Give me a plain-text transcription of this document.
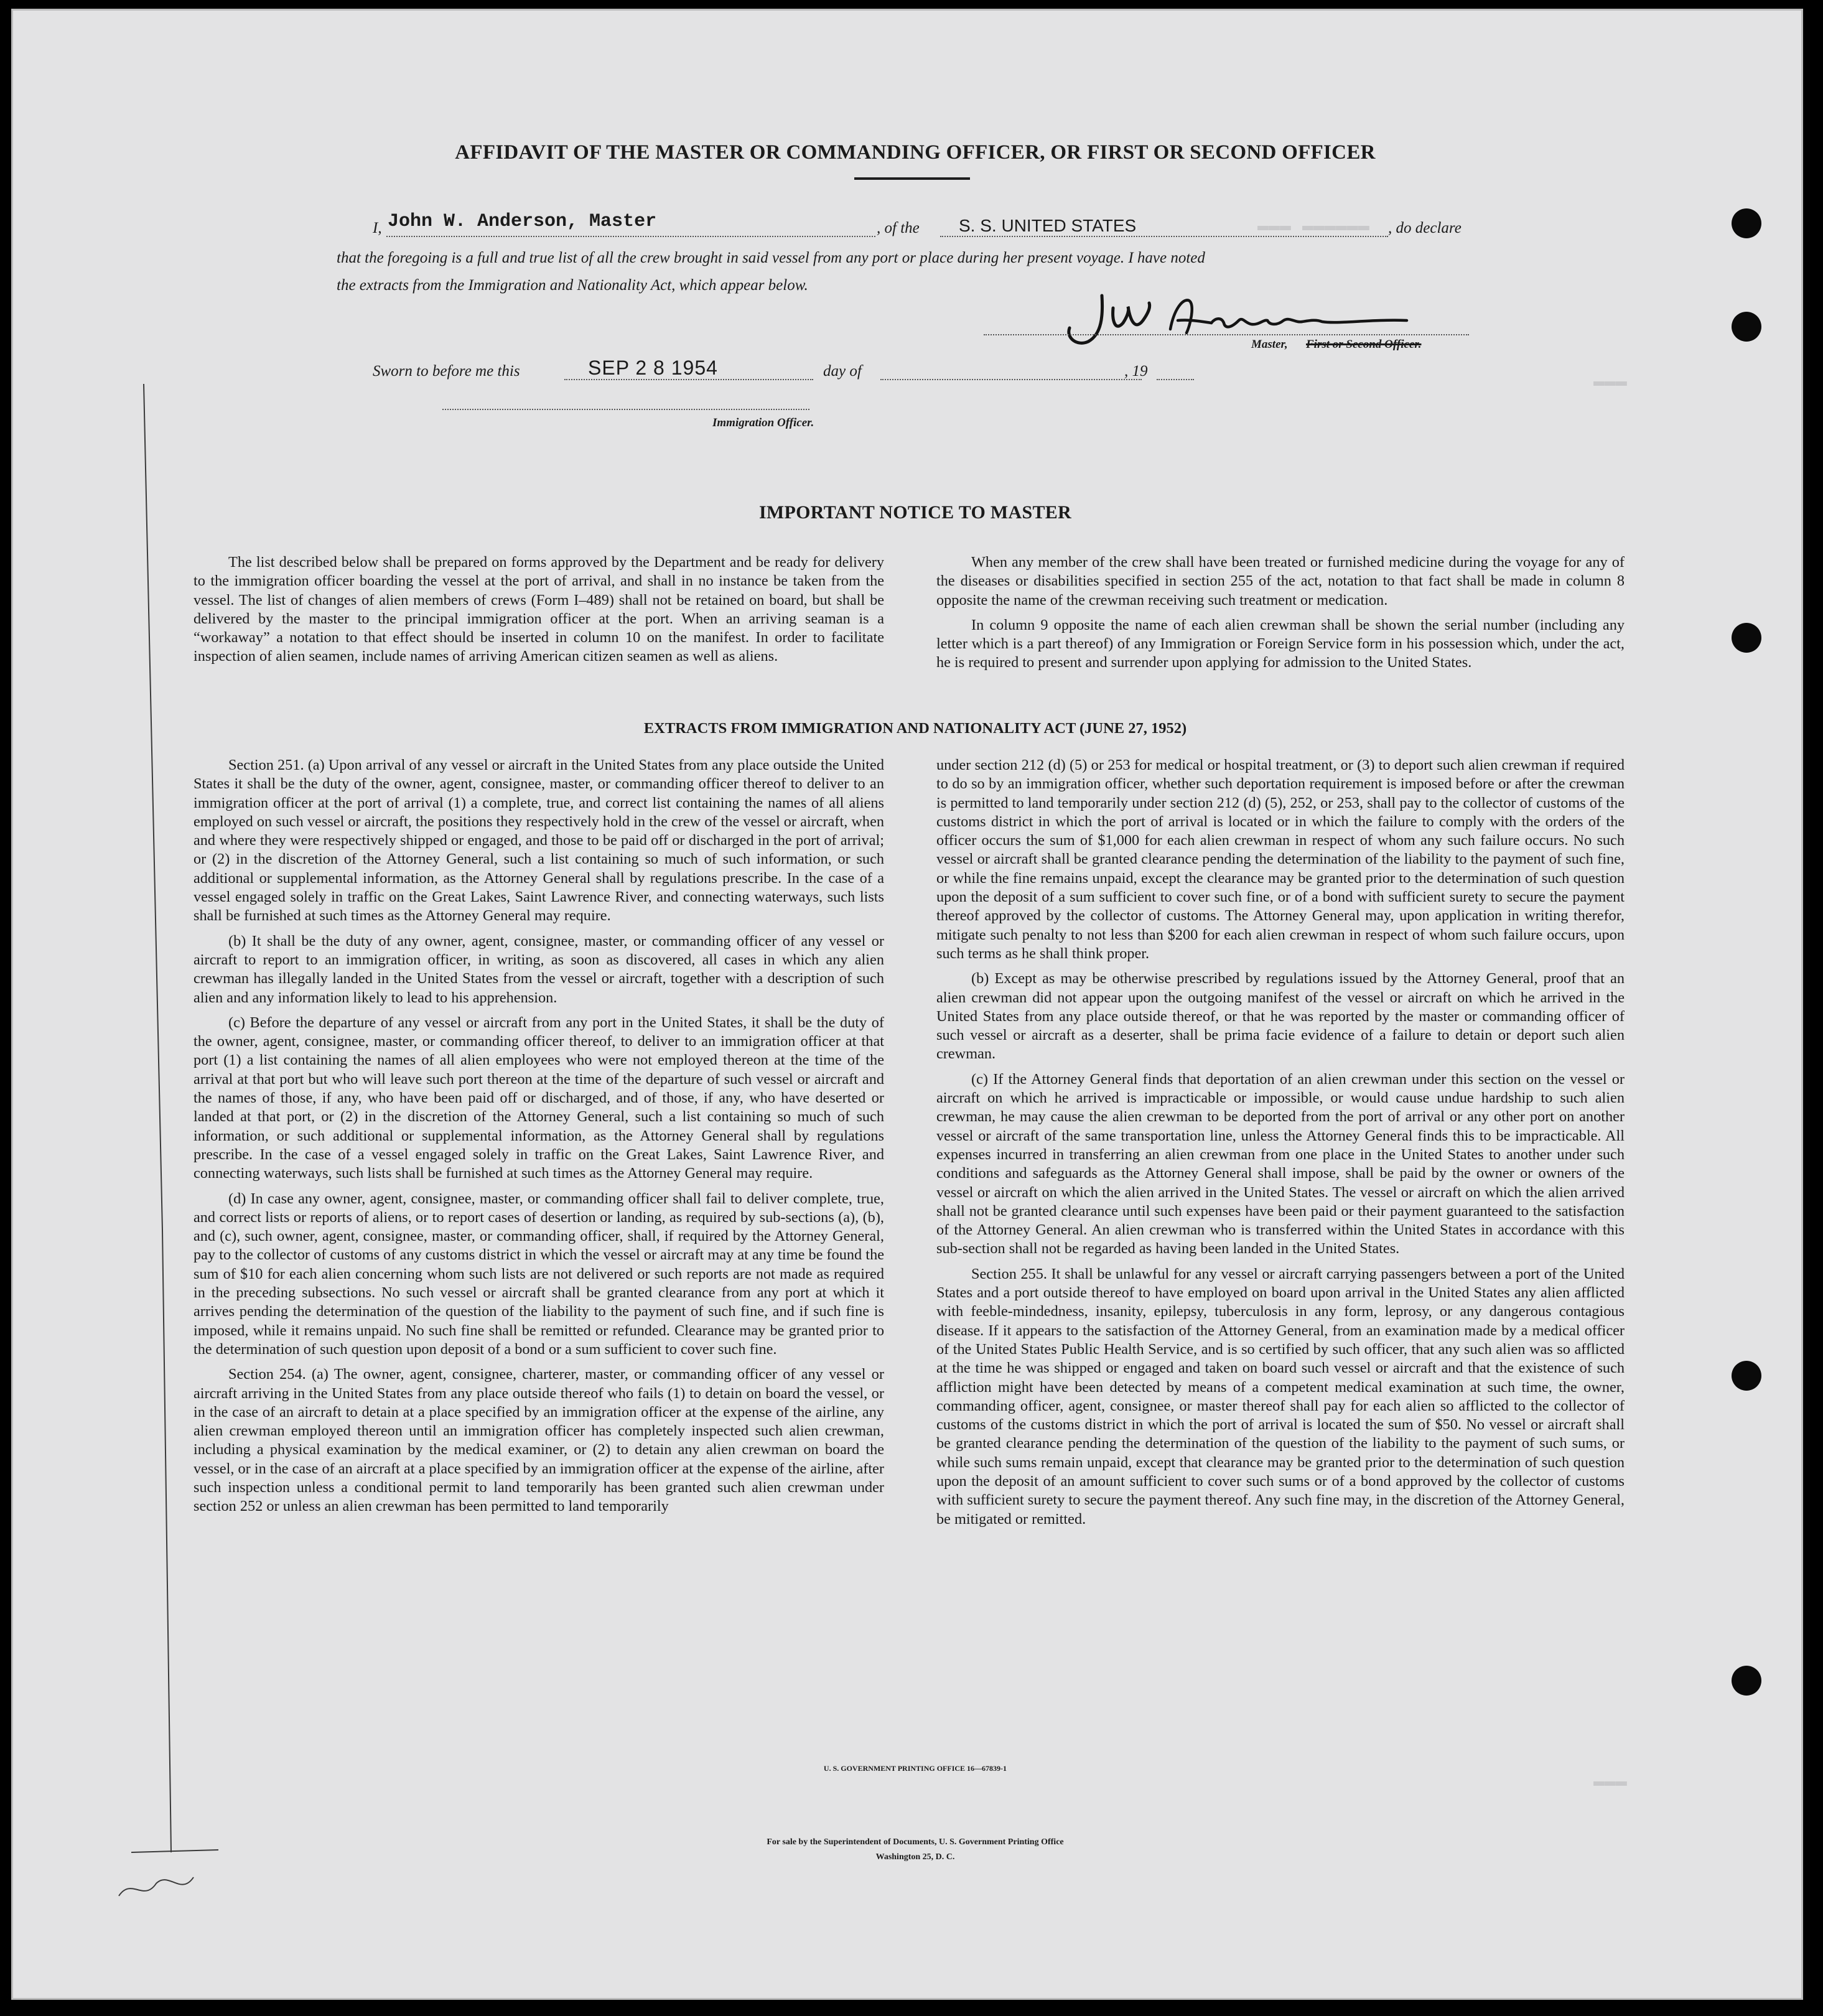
▬▬▬ ▬▬▬▬▬▬
▬▬▬
▬▬▬
AFFIDAVIT OF THE MASTER OR COMMANDING OFFICER, OR FIRST OR SECOND OFFICER
I, John W. Anderson, Master	, of the S. S. UNITED STATES	, do declare
that the foregoing is a full and true list of all the crew brought in said vessel from any port or place during her present voyage. I have noted
the extracts from the Immigration and Nationality Act, which appear below.
Master, First or Second Officer.
Sworn to before me this	SEP 2 8 1954	day of	, 19
Immigration Officer.
IMPORTANT NOTICE TO MASTER

The list described below shall be prepared on forms approved by the Department and be ready for delivery to the immigration officer boarding the vessel at the port of arrival, and shall in no instance be taken from the vessel. The list of changes of alien members of crews (Form I–489) shall not be retained on board, but shall be delivered by the master to the principal immigration officer at the port. When an arriving seaman is a “workaway” a notation to that effect should be inserted in column 10 on the manifest. In order to facilitate inspection of alien seamen, include names of arriving American citizen seamen as well as aliens.

When any member of the crew shall have been treated or furnished medicine during the voyage for any of the diseases or disabilities specified in section 255 of the act, notation to that fact shall be made in column 8 opposite the name of the crewman receiving such treatment or medication.

In column 9 opposite the name of each alien crewman shall be shown the serial number (including any letter which is a part thereof) of any Immigration or Foreign Service form in his possession which, under the act, he is required to present and surrender upon applying for admission to the United States.

EXTRACTS FROM IMMIGRATION AND NATIONALITY ACT (JUNE 27, 1952)

Section 251. (a) Upon arrival of any vessel or aircraft in the United States from any place outside the United States it shall be the duty of the owner, agent, consignee, master, or commanding officer thereof to deliver to an immigration officer at the port of arrival (1) a complete, true, and correct list containing the names of all aliens employed on such vessel or aircraft, the positions they respectively hold in the crew of the vessel or aircraft, when and where they were respectively shipped or engaged, and those to be paid off or discharged in the port of arrival; or (2) in the discretion of the Attorney General, such a list containing so much of such information, or such additional or supplemental information, as the Attorney General shall by regulations prescribe. In the case of a vessel engaged solely in traffic on the Great Lakes, Saint Lawrence River, and connecting waterways, such lists shall be furnished at such times as the Attorney General may require.

(b) It shall be the duty of any owner, agent, consignee, master, or commanding officer of any vessel or aircraft to report to an immigration officer, in writing, as soon as discovered, all cases in which any alien crewman has illegally landed in the United States from the vessel or aircraft, together with a description of such alien and any information likely to lead to his apprehension.

(c) Before the departure of any vessel or aircraft from any port in the United States, it shall be the duty of the owner, agent, consignee, master, or commanding officer thereof, to deliver to an immigration officer at that port (1) a list containing the names of all alien employees who were not employed thereon at the time of the arrival at that port but who will leave such port thereon at the time of the departure of such vessel or aircraft and the names of those, if any, who have been paid off or discharged, and of those, if any, who have deserted or landed at that port, or (2) in the discretion of the Attorney General, such a list containing so much of such information, or such additional or supplemental information, as the Attorney General shall by regulations prescribe. In the case of a vessel engaged solely in traffic on the Great Lakes, Saint Lawrence River, and connecting waterways, such lists shall be furnished at such times as the Attorney General may require.

(d) In case any owner, agent, consignee, master, or commanding officer shall fail to deliver complete, true, and correct lists or reports of aliens, or to report cases of desertion or landing, as required by sub-sections (a), (b), and (c), such owner, agent, consignee, master, or commanding officer, shall, if required by the Attorney General, pay to the collector of customs of any customs district in which the vessel or aircraft may at any time be found the sum of $10 for each alien concerning whom such lists are not delivered or such reports are not made as required in the preceding subsections. No such vessel or aircraft shall be granted clearance from any port at which it arrives pending the determination of the question of the liability to the payment of such fine, and if such fine is imposed, while it remains unpaid. No such fine shall be remitted or refunded. Clearance may be granted prior to the determination of such question upon deposit of a bond or a sum sufficient to cover such fine.

Section 254. (a) The owner, agent, consignee, charterer, master, or commanding officer of any vessel or aircraft arriving in the United States from any place outside thereof who fails (1) to detain on board the vessel, or in the case of an aircraft to detain at a place specified by an immigration officer at the expense of the airline, any alien crewman employed thereon until an immigration officer has completely inspected such alien crewman, including a physical examination by the medical examiner, or (2) to detain any alien crewman on board the vessel, or in the case of an aircraft at a place specified by an immigration officer at the expense of the airline, after such inspection unless a conditional permit to land temporarily has been granted such alien crewman under section 252 or unless an alien crewman has been permitted to land temporarily

under section 212 (d) (5) or 253 for medical or hospital treatment, or (3) to deport such alien crewman if required to do so by an immigration officer, whether such deportation requirement is imposed before or after the crewman is permitted to land temporarily under section 212 (d) (5), 252, or 253, shall pay to the collector of customs of the customs district in which the port of arrival is located or in which the failure to comply with the orders of the officer occurs the sum of $1,000 for each alien crewman in respect of whom any such failure occurs. No such vessel or aircraft shall be granted clearance pending the determination of the liability to the payment of such fine, or while the fine remains unpaid, except the clearance may be granted prior to the determination of such question upon the deposit of a sum sufficient to cover such fine, or of a bond with sufficient surety to secure the payment thereof approved by the collector of customs. The Attorney General may, upon application in writing therefor, mitigate such penalty to not less than $200 for each alien crewman in respect of whom such failure occurs, upon such terms as he shall think proper.

(b) Except as may be otherwise prescribed by regulations issued by the Attorney General, proof that an alien crewman did not appear upon the outgoing manifest of the vessel or aircraft on which he arrived in the United States from any place outside thereof, or that he was reported by the master or commanding officer of such vessel or aircraft as a deserter, shall be prima facie evidence of a failure to detain or deport such alien crewman.

(c) If the Attorney General finds that deportation of an alien crewman under this section on the vessel or aircraft on which he arrived is impracticable or impossible, or would cause undue hardship to such alien crewman, he may cause the alien crewman to be deported from the port of arrival or any other port on another vessel or aircraft of the same transportation line, unless the Attorney General finds this to be impracticable. All expenses incurred in transferring an alien crewman from one place in the United States to another under such conditions and safeguards as the Attorney General shall impose, shall be paid by the owner or owners of the vessel or aircraft on which the alien arrived in the United States. The vessel or aircraft on which the alien arrived shall not be granted clearance until such expenses have been paid or their payment guaranteed to the satisfaction of the Attorney General. An alien crewman who is transferred within the United States in accordance with this sub-section shall not be regarded as having been landed in the United States.

Section 255. It shall be unlawful for any vessel or aircraft carrying passengers between a port of the United States and a port outside thereof to have employed on board upon arrival in the United States any alien afflicted with feeble-mindedness, insanity, epilepsy, tuberculosis in any form, leprosy, or any dangerous contagious disease. If it appears to the satisfaction of the Attorney General, from an examination made by a medical officer of the United States Public Health Service, and is so certified by such officer, that any such alien was so afflicted at the time he was shipped or engaged and taken on board such vessel or aircraft and that the existence of such affliction might have been detected by means of a competent medical examination at such time, the owner, commanding officer, agent, consignee, or master thereof shall pay for each alien so afflicted to the collector of customs of the customs district in which the port of arrival is located the sum of $50. No vessel or aircraft shall be granted clearance pending the determination of the question of the liability to the payment of such sums, or while such sums remain unpaid, except that clearance may be granted prior to the determination of such question upon the deposit of an amount sufficient to cover such sums or of a bond approved by the collector of customs with sufficient surety to secure the payment thereof. Any such fine may, in the discretion of the Attorney General, be mitigated or remitted.

U. S. GOVERNMENT PRINTING OFFICE 16—67839-1
For sale by the Superintendent of Documents, U. S. Government Printing Office
Washington 25, D. C.
